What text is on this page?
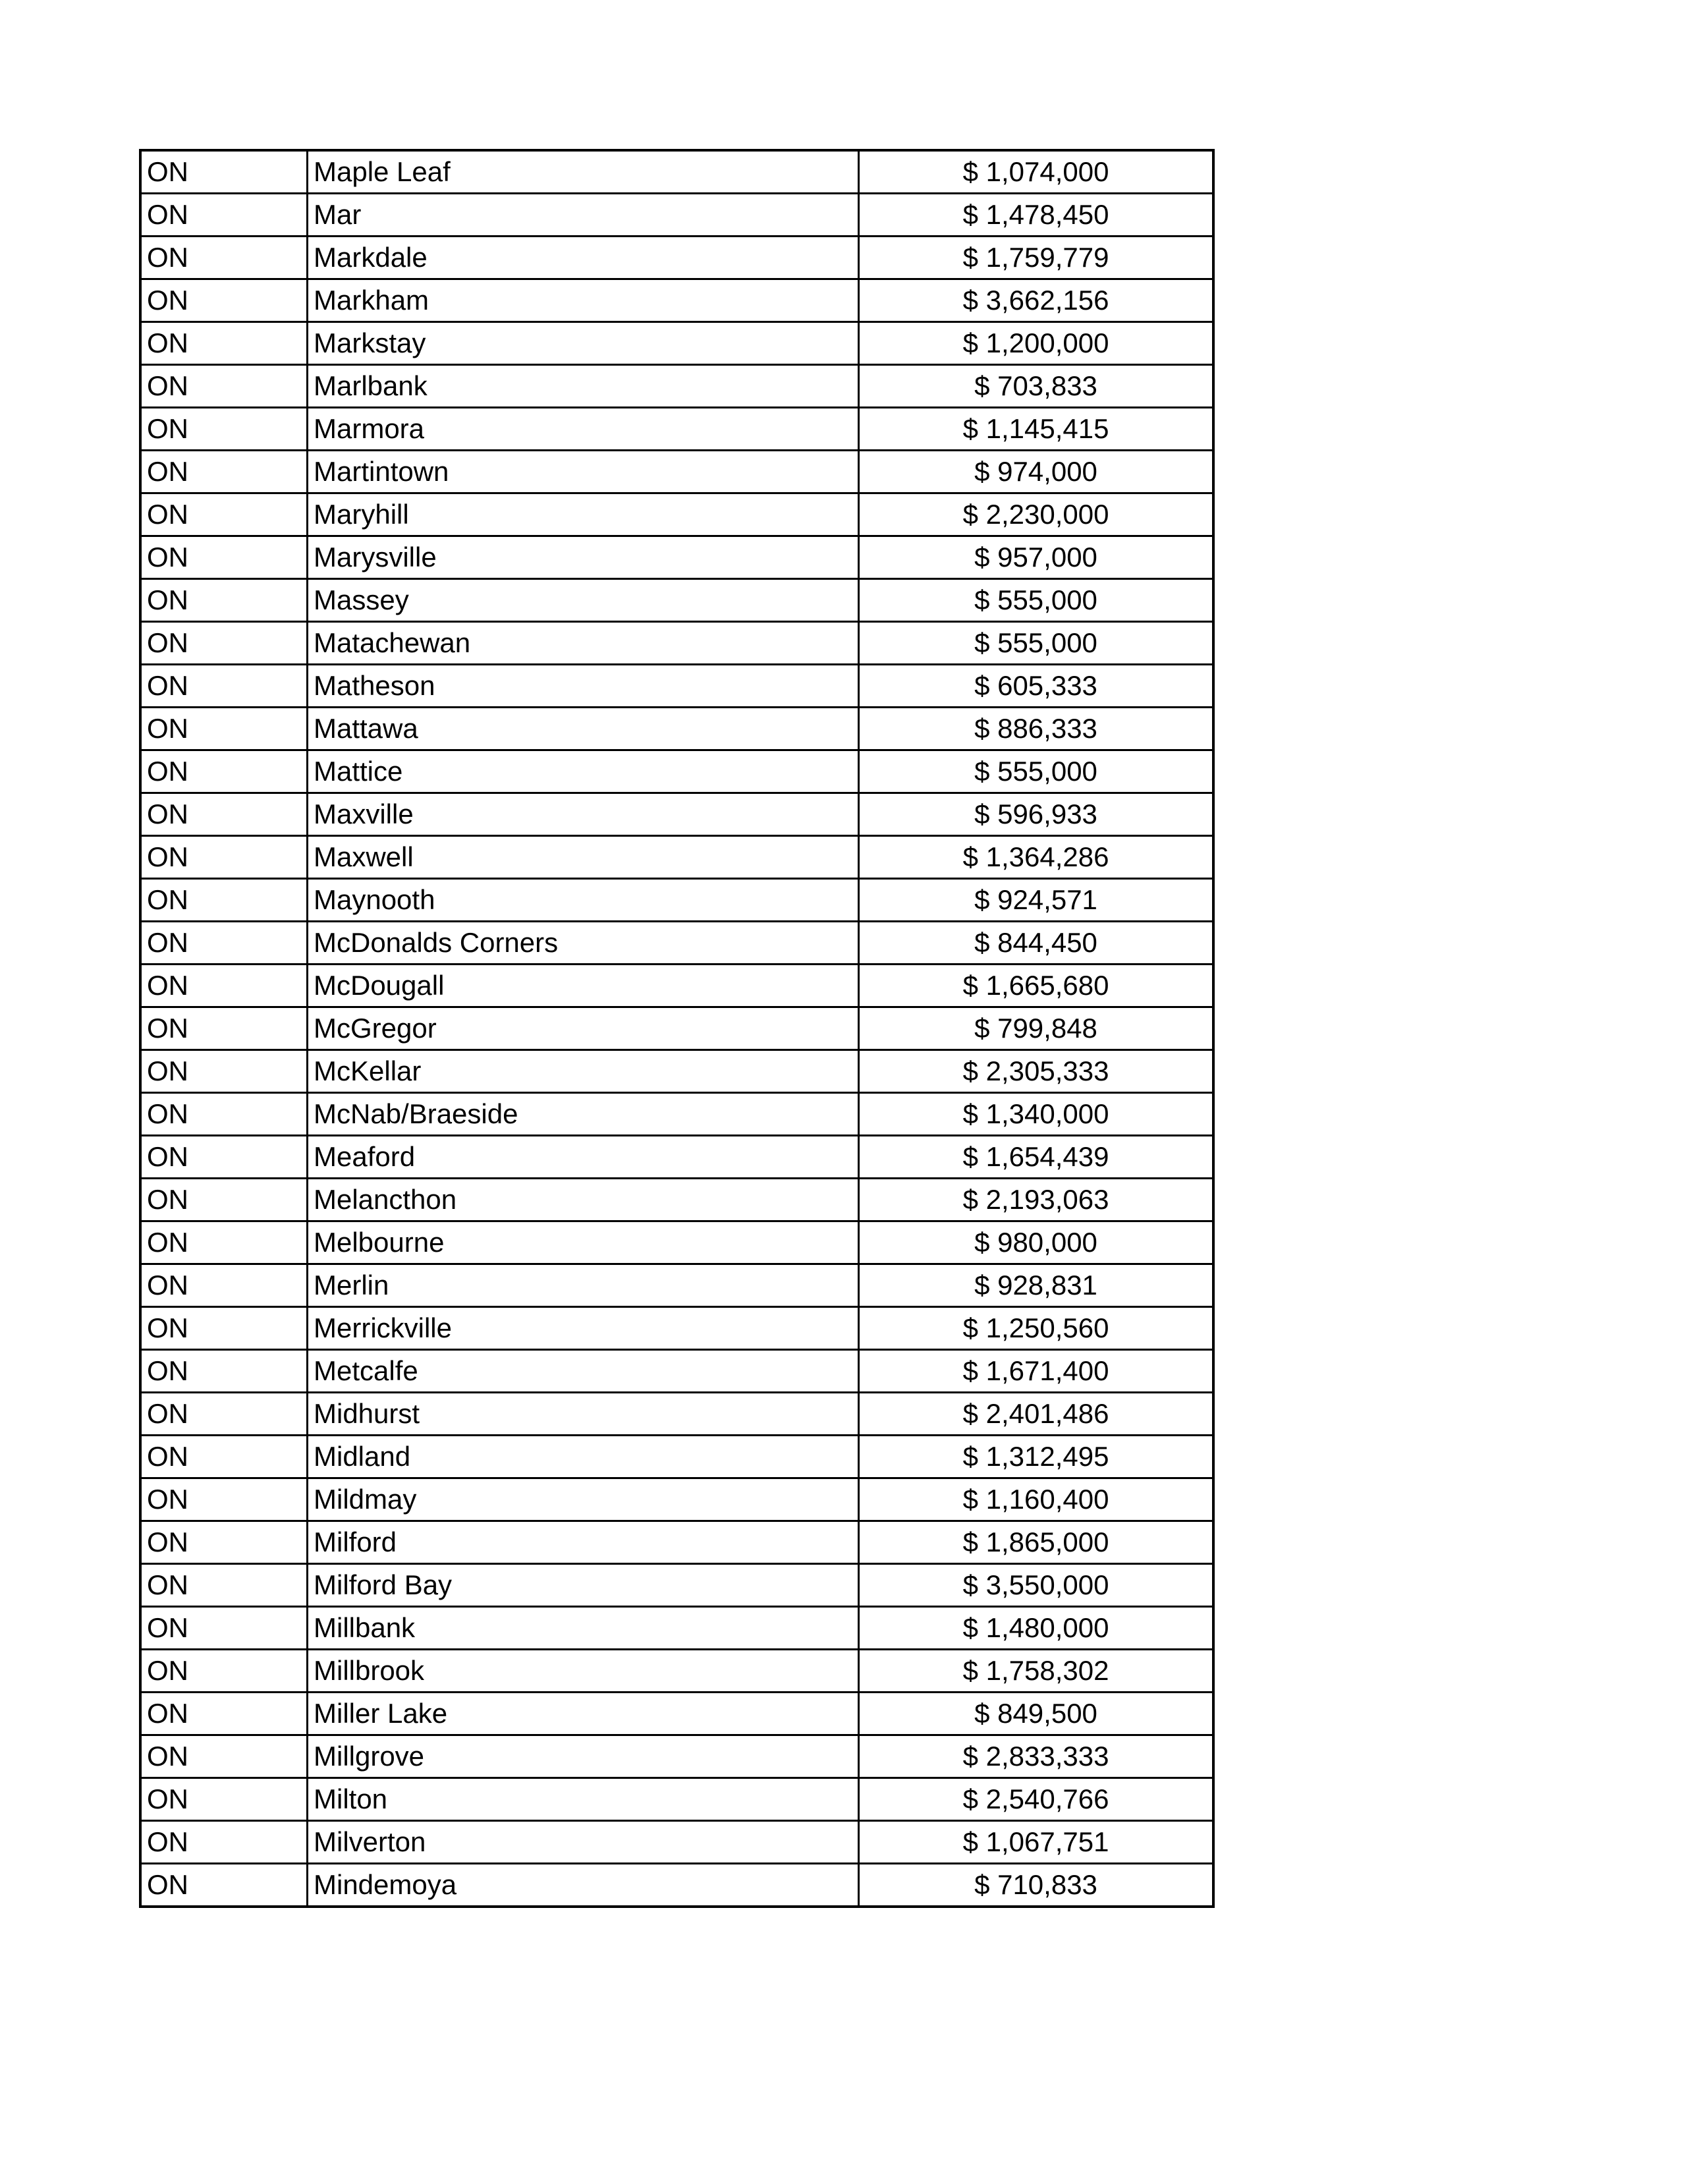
ON	Maple Leaf	$ 1,074,000
ON	Mar	$ 1,478,450
ON	Markdale	$ 1,759,779
ON	Markham	$ 3,662,156
ON	Markstay	$ 1,200,000
ON	Marlbank	$ 703,833
ON	Marmora	$ 1,145,415
ON	Martintown	$ 974,000
ON	Maryhill	$ 2,230,000
ON	Marysville	$ 957,000
ON	Massey	$ 555,000
ON	Matachewan	$ 555,000
ON	Matheson	$ 605,333
ON	Mattawa	$ 886,333
ON	Mattice	$ 555,000
ON	Maxville	$ 596,933
ON	Maxwell	$ 1,364,286
ON	Maynooth	$ 924,571
ON	McDonalds Corners	$ 844,450
ON	McDougall	$ 1,665,680
ON	McGregor	$ 799,848
ON	McKellar	$ 2,305,333
ON	McNab/Braeside	$ 1,340,000
ON	Meaford	$ 1,654,439
ON	Melancthon	$ 2,193,063
ON	Melbourne	$ 980,000
ON	Merlin	$ 928,831
ON	Merrickville	$ 1,250,560
ON	Metcalfe	$ 1,671,400
ON	Midhurst	$ 2,401,486
ON	Midland	$ 1,312,495
ON	Mildmay	$ 1,160,400
ON	Milford	$ 1,865,000
ON	Milford Bay	$ 3,550,000
ON	Millbank	$ 1,480,000
ON	Millbrook	$ 1,758,302
ON	Miller Lake	$ 849,500
ON	Millgrove	$ 2,833,333
ON	Milton	$ 2,540,766
ON	Milverton	$ 1,067,751
ON	Mindemoya	$ 710,833
